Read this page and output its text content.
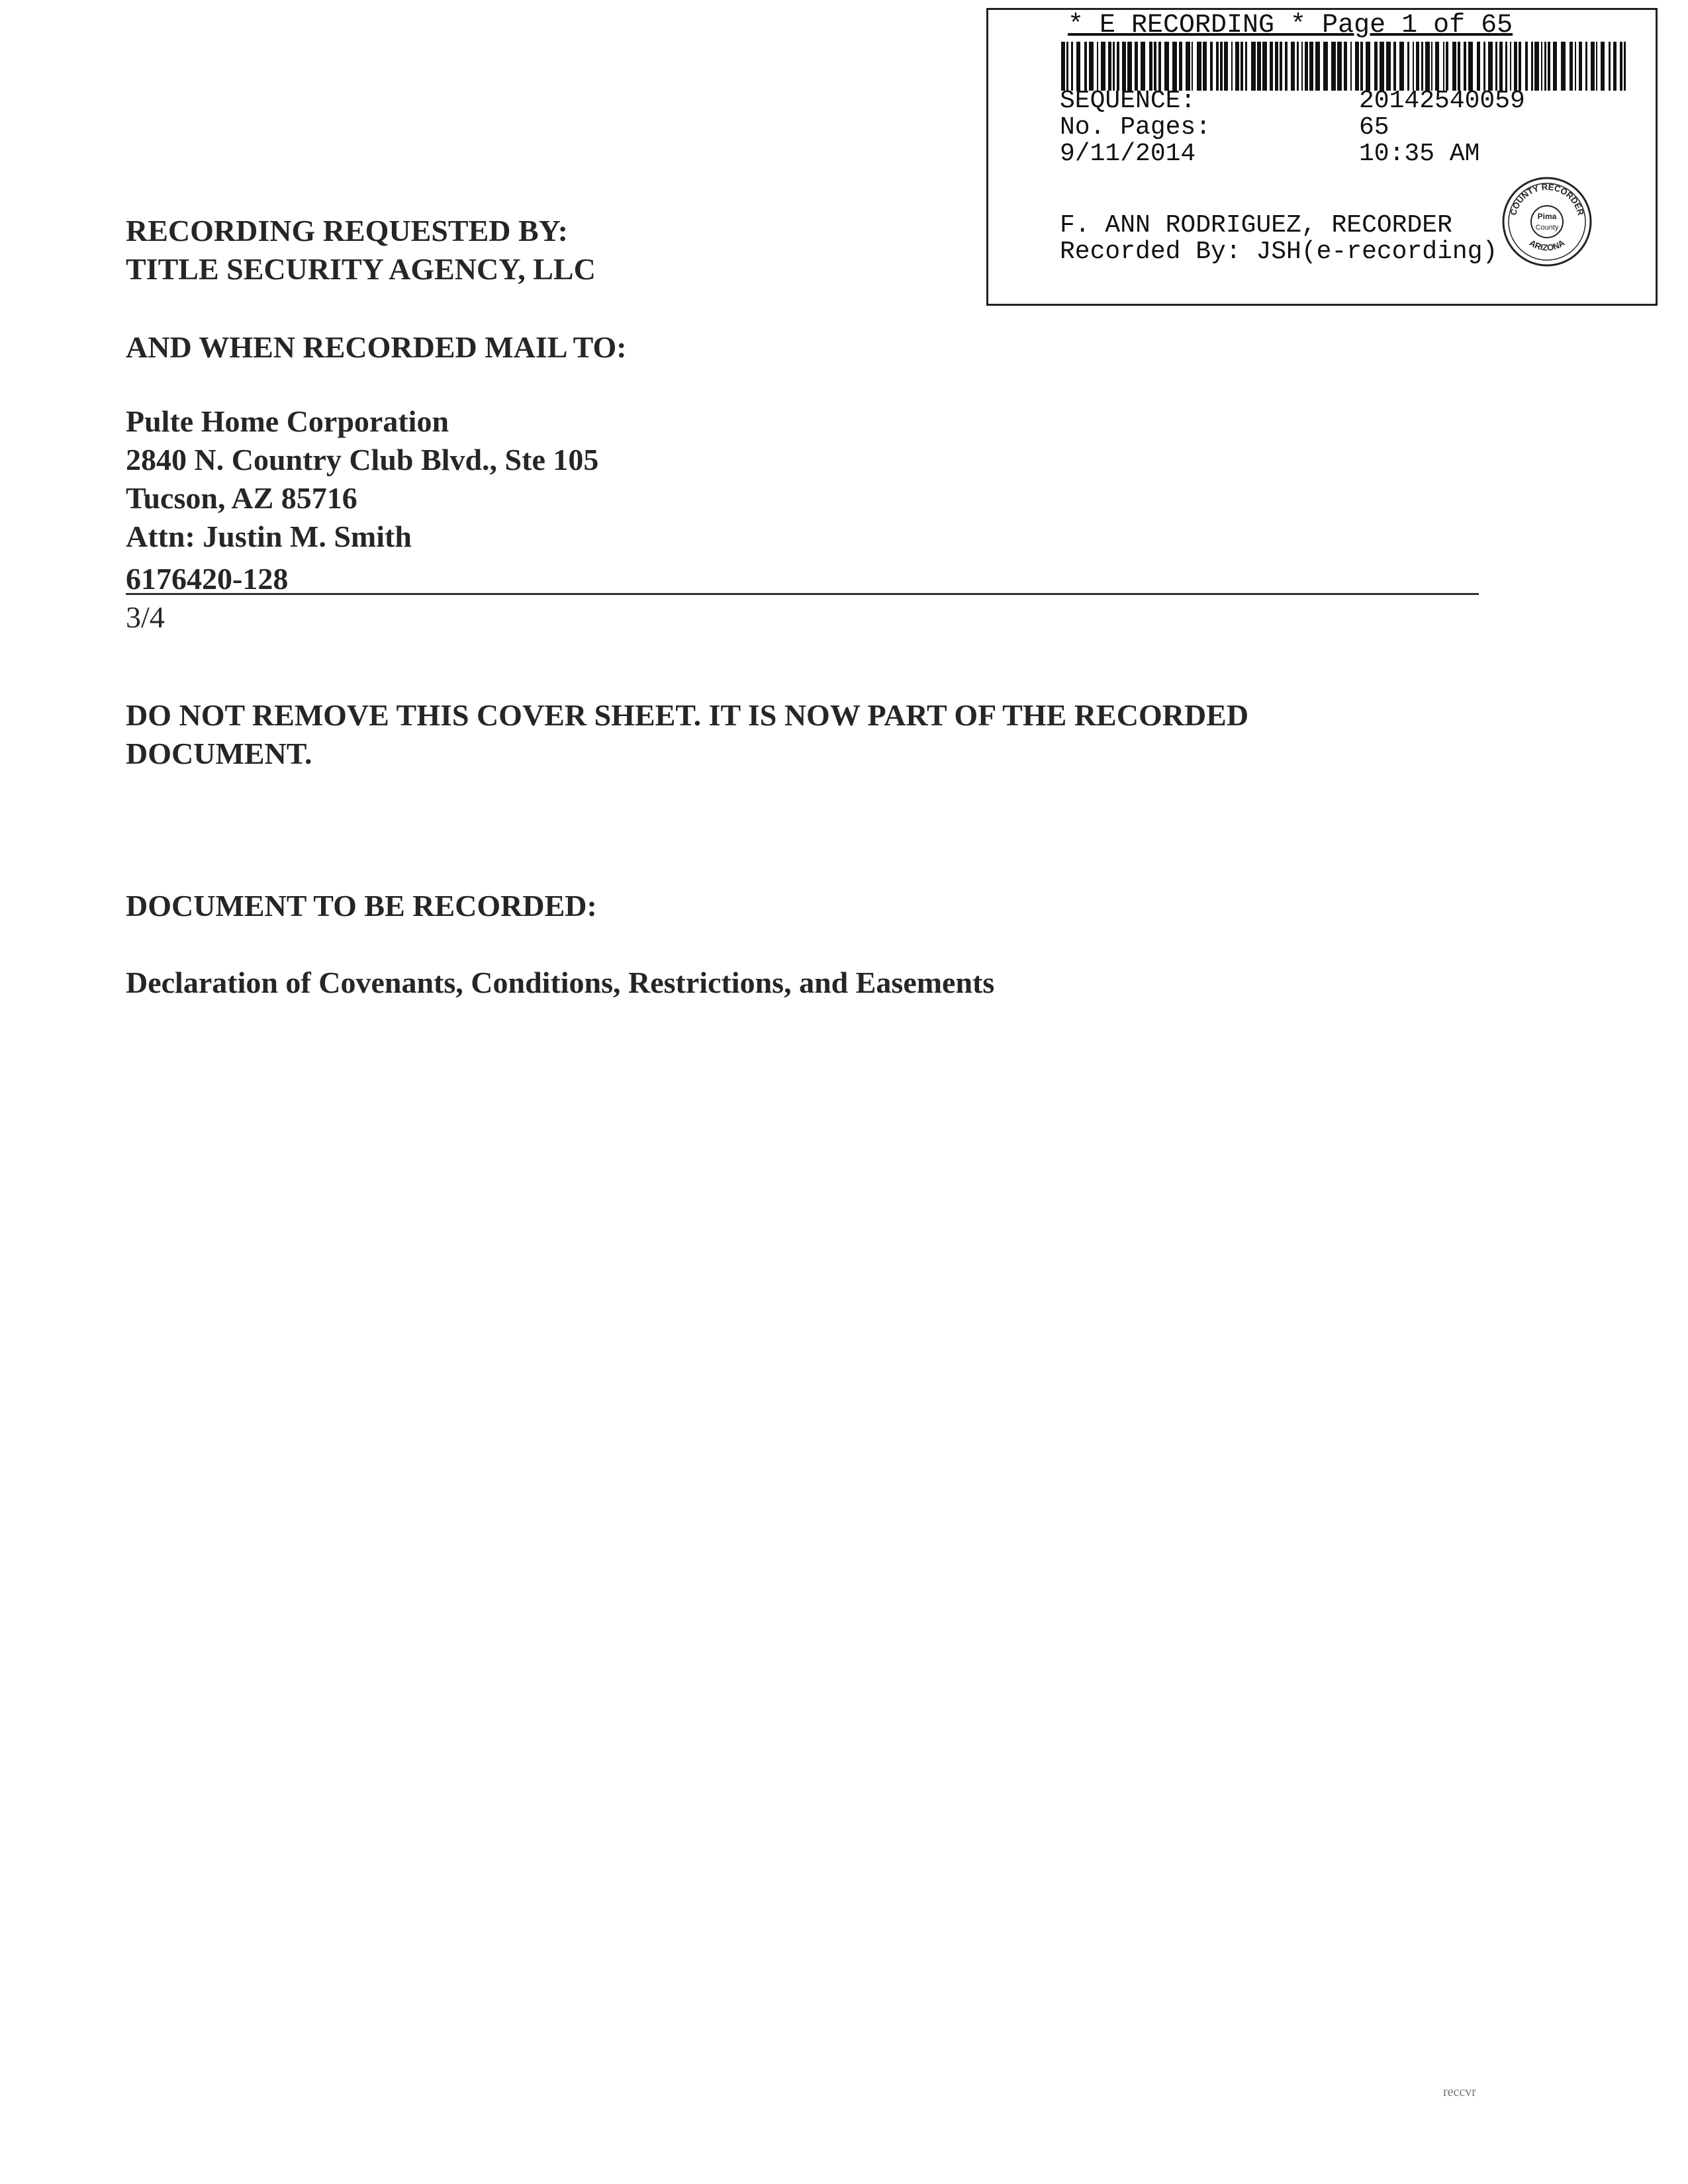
* E RECORDING * Page 1 of 65
SEQUENCE:	20142540059
No. Pages:	65
9/11/2014	10:35 AM
F. ANN RODRIGUEZ, RECORDER
Recorded By: JSH(e-recording)
COUNTY RECORDER
ARIZONA
Pima
County

RECORDING REQUESTED BY:

TITLE SECURITY AGENCY, LLC

AND WHEN RECORDED MAIL TO:

Pulte Home Corporation

2840 N. Country Club Blvd., Ste 105

Tucson, AZ 85716

Attn: Justin M. Smith

6176420-128

3/4

DO NOT REMOVE THIS COVER SHEET. IT IS NOW PART OF THE RECORDED

DOCUMENT.

DOCUMENT TO BE RECORDED:

Declaration of Covenants, Conditions, Restrictions, and Easements

reccvr
